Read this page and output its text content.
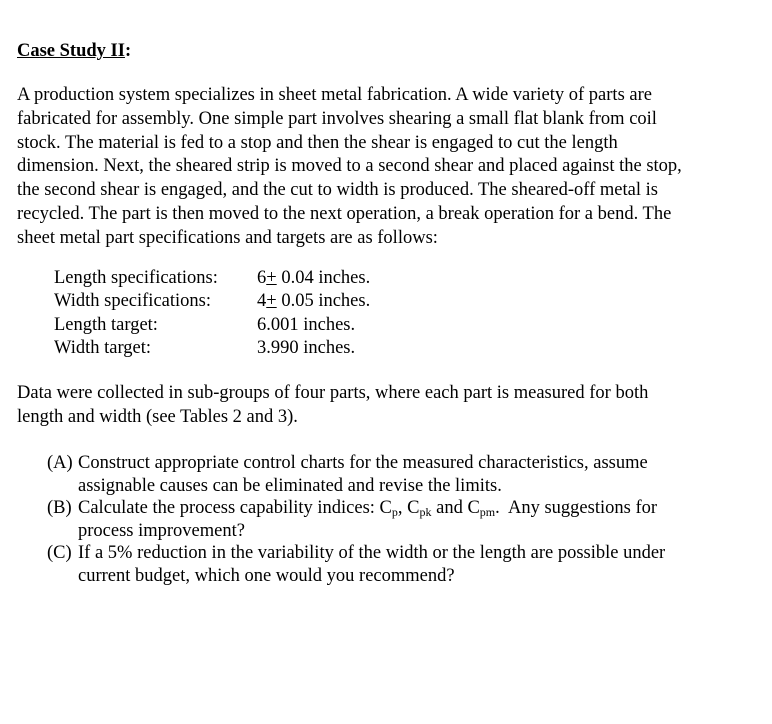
Case Study II:

A production system specializes in sheet metal fabrication. A wide variety of parts are
fabricated for assembly. One simple part involves shearing a small flat blank from coil
stock. The material is fed to a stop and then the shear is engaged to cut the length
dimension. Next, the sheared strip is moved to a second shear and placed against the stop,
the second shear is engaged, and the cut to width is produced. The sheared-off metal is
recycled. The part is then moved to the next operation, a break operation for a bend. The
sheet metal part specifications and targets are as follows:

Length specifications: 6+ 0.04 inches.
Width specifications: 4+ 0.05 inches.
Length target:	6.001 inches.
Width target:	3.990 inches.

Data were collected in sub-groups of four parts, where each part is measured for both
length and width (see Tables 2 and 3).

(A) Construct appropriate control charts for the measured characteristics, assume
assignable causes can be eliminated and revise the limits.
(B) Calculate the process capability indices: $C_p$, $C_{pk}$ and $C_{pm}$.  Any suggestions for
process improvement?
(C) If a 5% reduction in the variability of the width or the length are possible under
current budget, which one would you recommend?
